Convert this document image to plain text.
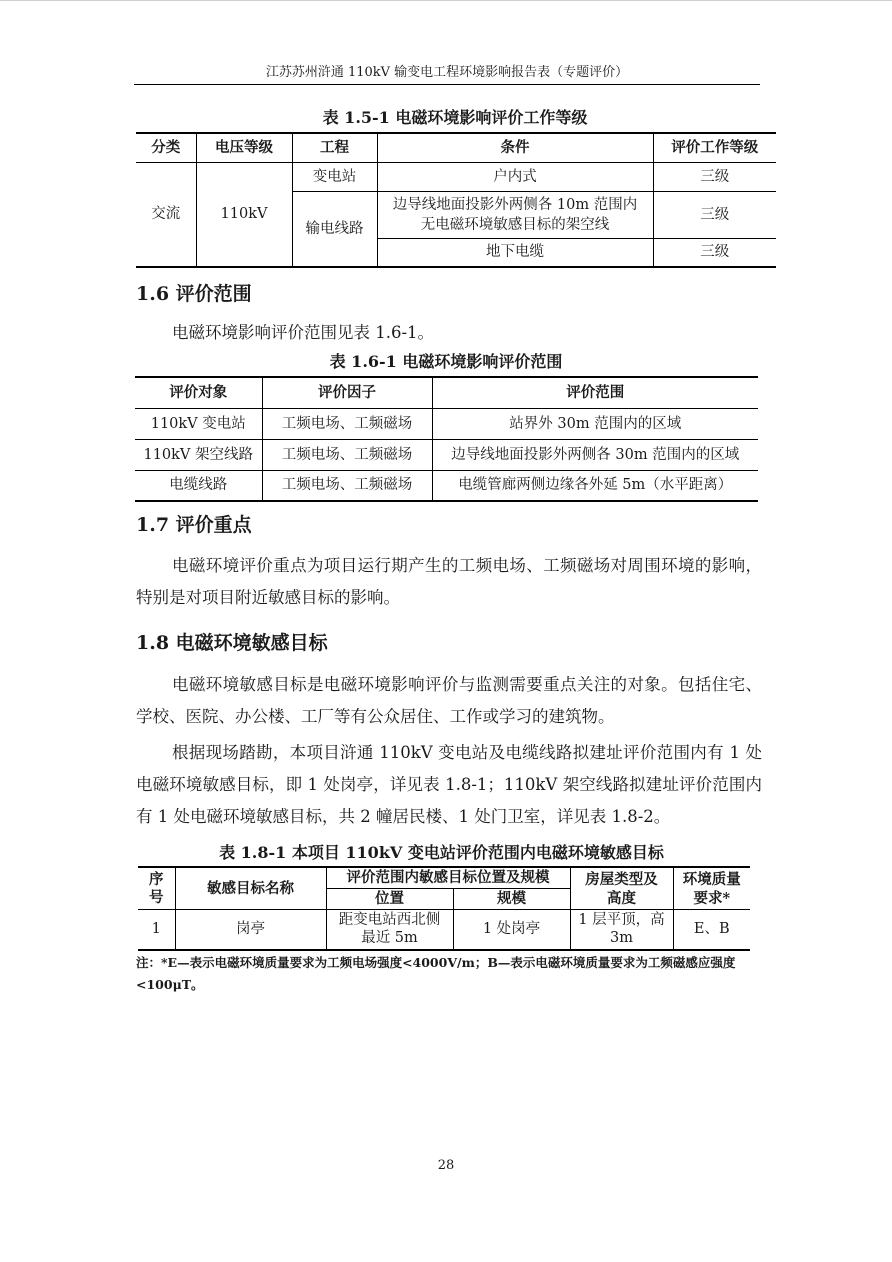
江苏苏州浒通 110kV 输变电工程环境影响报告表（专题评价）
表 1.5-1 电磁环境影响评价工作等级
分类	电压等级	工程	条件	评价工作等级
交流	110kV	变电站	户内式	三级
		输电线路	边导线地面投影外两侧各 10m 范围内
无电磁环境敏感目标的架空线	三级
			地下电缆	三级
1.6 评价范围
电磁环境影响评价范围见表 1.6-1。
表 1.6-1 电磁环境影响评价范围
评价对象	评价因子	评价范围
110kV 变电站	工频电场、工频磁场	站界外 30m 范围内的区域
110kV 架空线路	工频电场、工频磁场	边导线地面投影外两侧各 30m 范围内的区域
电缆线路	工频电场、工频磁场	电缆管廊两侧边缘各外延 5m（水平距离）
1.7 评价重点
电磁环境评价重点为项目运行期产生的工频电场、工频磁场对周围环境的影响，特别是对项目附近敏感目标的影响。
1.8 电磁环境敏感目标
电磁环境敏感目标是电磁环境影响评价与监测需要重点关注的对象。包括住宅、学校、医院、办公楼、工厂等有公众居住、工作或学习的建筑物。
根据现场踏勘，本项目浒通 110kV 变电站及电缆线路拟建址评价范围内有 1 处电磁环境敏感目标，即 1 处岗亭，详见表 1.8-1；110kV 架空线路拟建址评价范围内有 1 处电磁环境敏感目标，共 2 幢居民楼、1 处门卫室，详见表 1.8-2。
表 1.8-1 本项目 110kV 变电站评价范围内电磁环境敏感目标
序号	敏感目标名称	评价范围内敏感目标位置及规模		房屋类型及高度	环境质量要求*

		位置	规模		
1	岗亭	距变电站西北侧最近 5m	1 处岗亭	1 层平顶，高 3m	E、B
注：*E—表示电磁环境质量要求为工频电场强度<4000V/m；B—表示电磁环境质量要求为工频磁感应强度<100μT。
28
